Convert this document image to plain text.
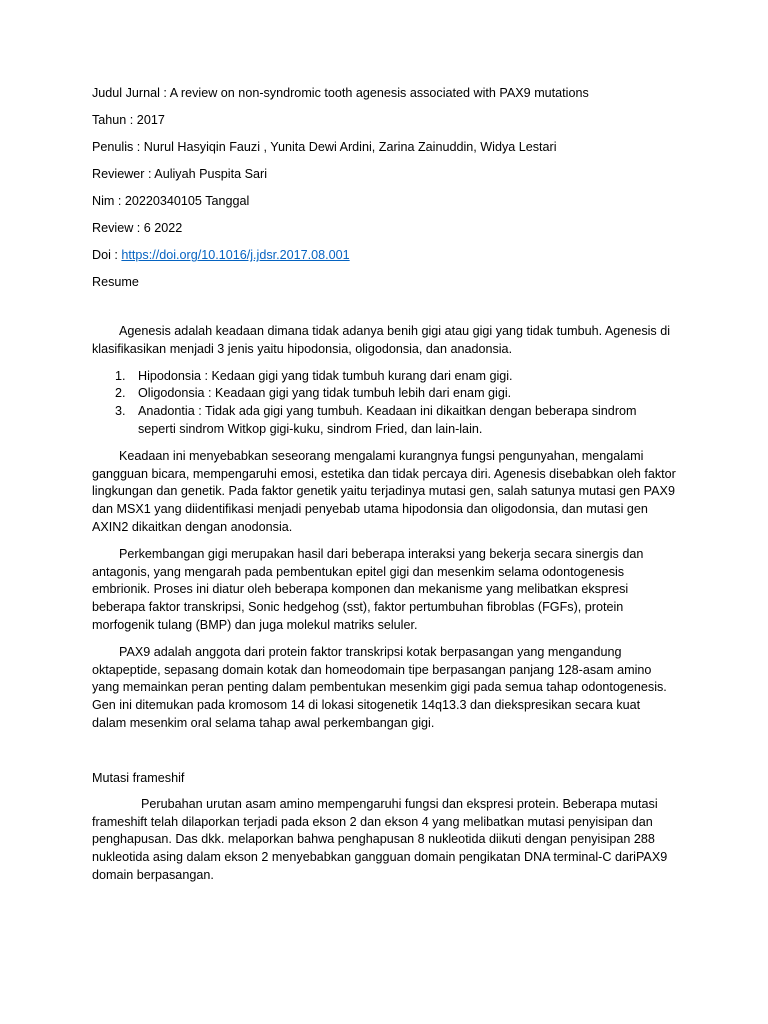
Judul Jurnal : A review on non-syndromic tooth agenesis associated with PAX9 mutations
Tahun : 2017
Penulis : Nurul Hasyiqin Fauzi , Yunita Dewi Ardini, Zarina Zainuddin, Widya Lestari
Reviewer : Auliyah Puspita Sari
Nim : 20220340105 Tanggal
Review : 6 2022
Doi : https://doi.org/10.1016/j.jdsr.2017.08.001
Resume

Agenesis adalah keadaan dimana tidak adanya benih gigi atau gigi yang tidak tumbuh. Agenesis di klasifikasikan menjadi 3 jenis yaitu hipodonsia, oligodonsia, dan anadonsia.

1. Hipodonsia : Kedaan gigi yang tidak tumbuh kurang dari enam gigi.
2. Oligodonsia : Keadaan gigi yang tidak tumbuh lebih dari enam gigi.
3. Anadontia : Tidak ada gigi yang tumbuh. Keadaan ini dikaitkan dengan beberapa sindrom seperti sindrom Witkop gigi-kuku, sindrom Fried, dan lain-lain.

Keadaan ini menyebabkan seseorang mengalami kurangnya fungsi pengunyahan, mengalami gangguan bicara, mempengaruhi emosi, estetika dan tidak percaya diri. Agenesis disebabkan oleh faktor lingkungan dan genetik. Pada faktor genetik yaitu terjadinya mutasi gen, salah satunya mutasi gen PAX9 dan MSX1 yang diidentifikasi menjadi penyebab utama hipodonsia dan oligodonsia, dan mutasi gen AXIN2 dikaitkan dengan anodonsia.

Perkembangan gigi merupakan hasil dari beberapa interaksi yang bekerja secara sinergis dan antagonis, yang mengarah pada pembentukan epitel gigi dan mesenkim selama odontogenesis embrionik. Proses ini diatur oleh beberapa komponen dan mekanisme yang melibatkan ekspresi beberapa faktor transkripsi, Sonic hedgehog (sst), faktor pertumbuhan fibroblas (FGFs), protein morfogenik tulang (BMP) dan juga molekul matriks seluler.

PAX9 adalah anggota dari protein faktor transkripsi kotak berpasangan yang mengandung oktapeptide, sepasang domain kotak dan homeodomain tipe berpasangan panjang 128-asam amino yang memainkan peran penting dalam pembentukan mesenkim gigi pada semua tahap odontogenesis. Gen ini ditemukan pada kromosom 14 di lokasi sitogenetik 14q13.3 dan diekspresikan secara kuat dalam mesenkim oral selama tahap awal perkembangan gigi.

Mutasi frameshif

Perubahan urutan asam amino mempengaruhi fungsi dan ekspresi protein. Beberapa mutasi frameshift telah dilaporkan terjadi pada ekson 2 dan ekson 4 yang melibatkan mutasi penyisipan dan penghapusan. Das dkk. melaporkan bahwa penghapusan 8 nukleotida diikuti dengan penyisipan 288 nukleotida asing dalam ekson 2 menyebabkan gangguan domain pengikatan DNA terminal-C dariPAX9 domain berpasangan.
